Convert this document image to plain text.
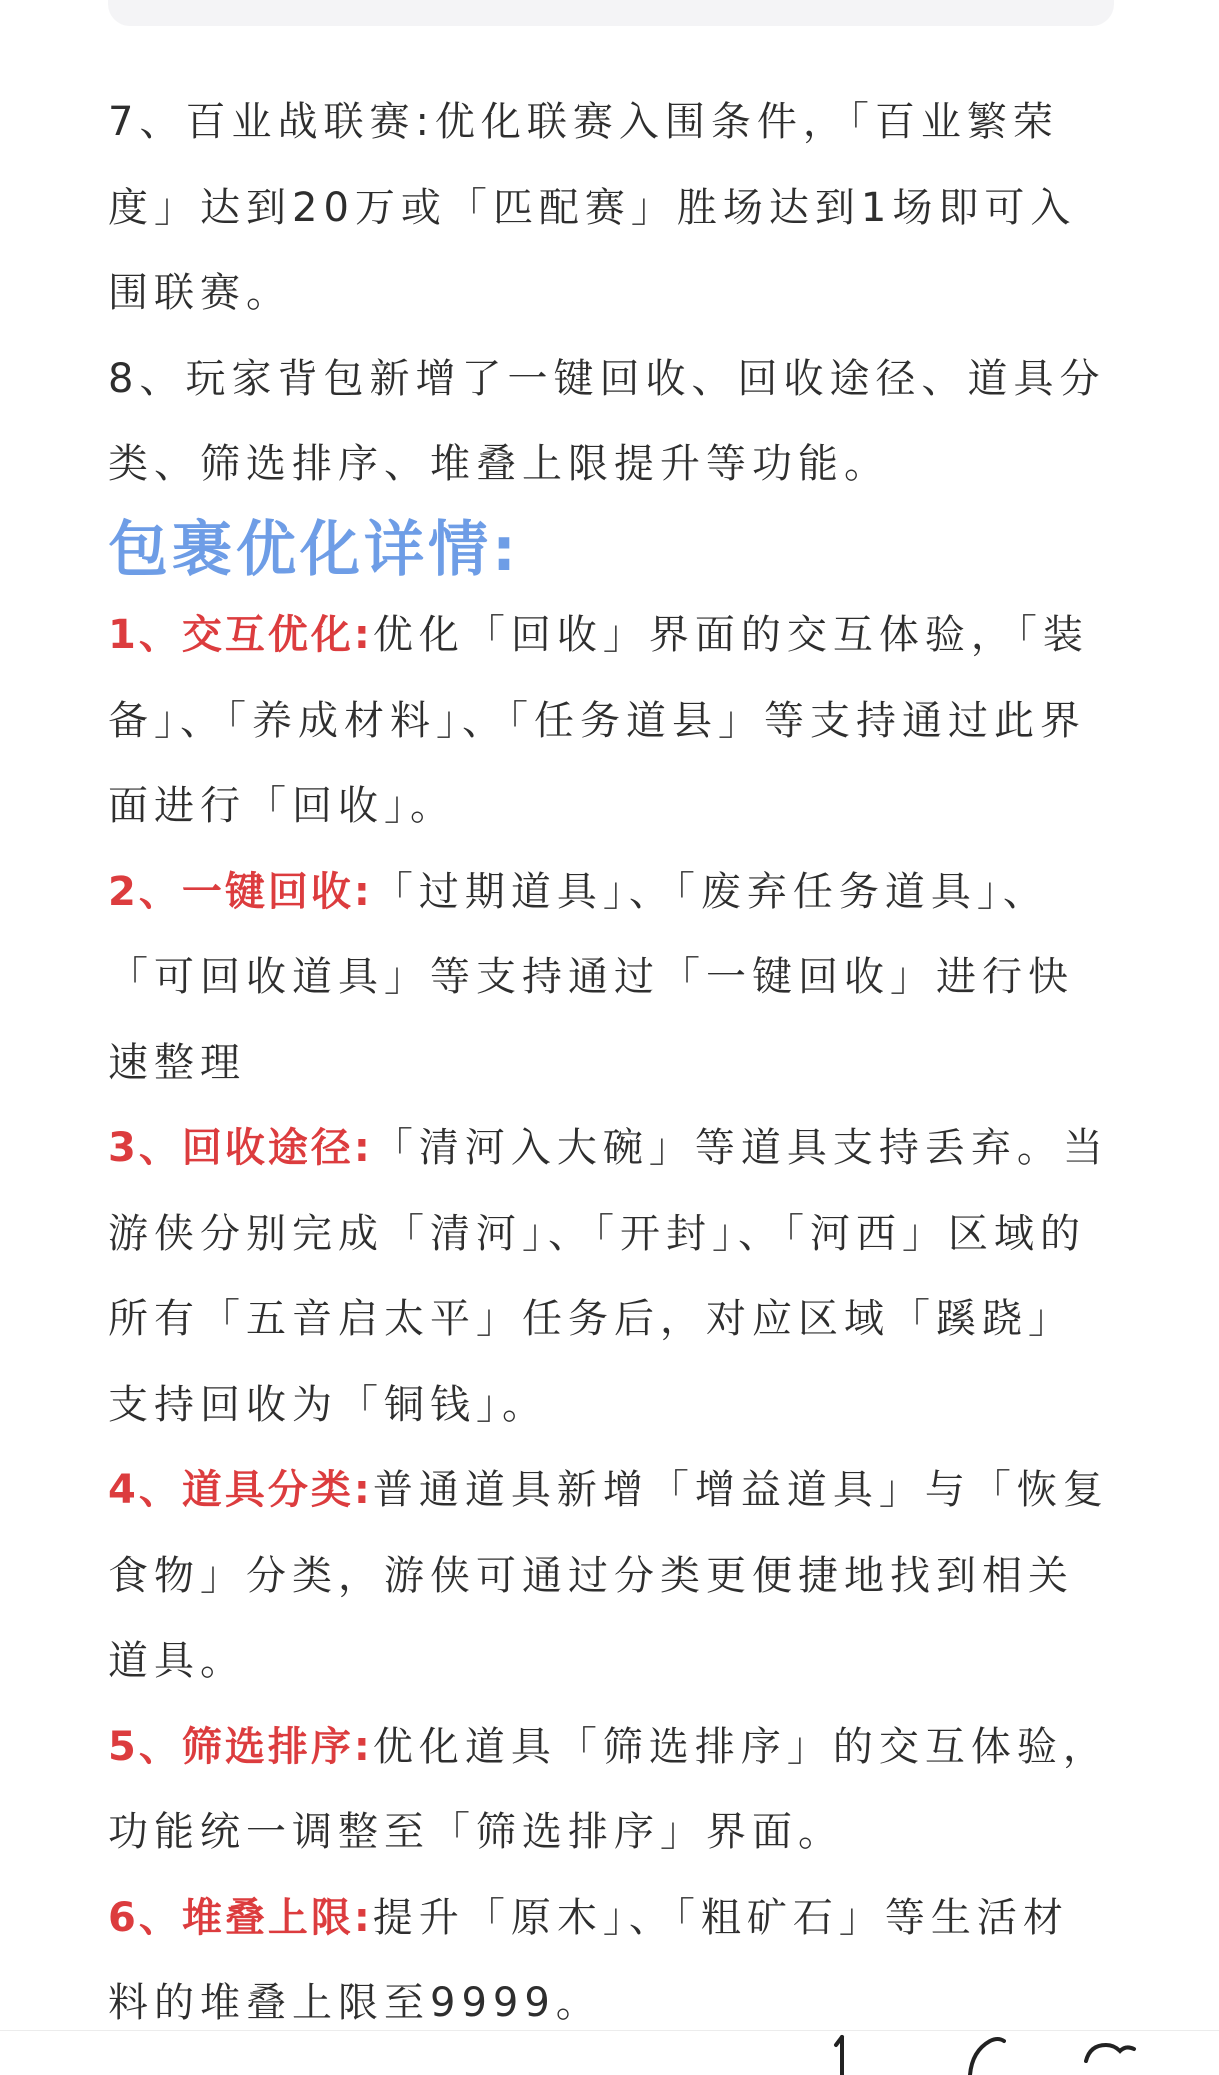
7、百业战联赛:优化联赛入围条件，「百业繁荣度」达到20万或「匹配赛」胜场达到1场即可入围联赛。

8、玩家背包新增了一键回收、回收途径、道具分类、筛选排序、堆叠上限提升等功能。

包裹优化详情:

1、交互优化:优化「回收」界面的交互体验，「装备」、「养成材料」、「任务道县」等支持通过此界面进行「回收」。

2、一键回收:「过期道具」、「废弃任务道具」、「可回收道具」等支持通过「一键回收」进行快速整理

3、回收途径:「清河入大碗」等道具支持丢弃。当游侠分别完成「清河」、「开封」、「河西」区域的所有「五音启太平」任务后，对应区域「蹊跷」支持回收为「铜钱」。

4、道具分类:普通道具新增「增益道具」与「恢复食物」分类，游侠可通过分类更便捷地找到相关道具。

5、筛选排序:优化道具「筛选排序」的交互体验，功能统一调整至「筛选排序」界面。

6、堆叠上限:提升「原木」、「粗矿石」等生活材料的堆叠上限至9999。
